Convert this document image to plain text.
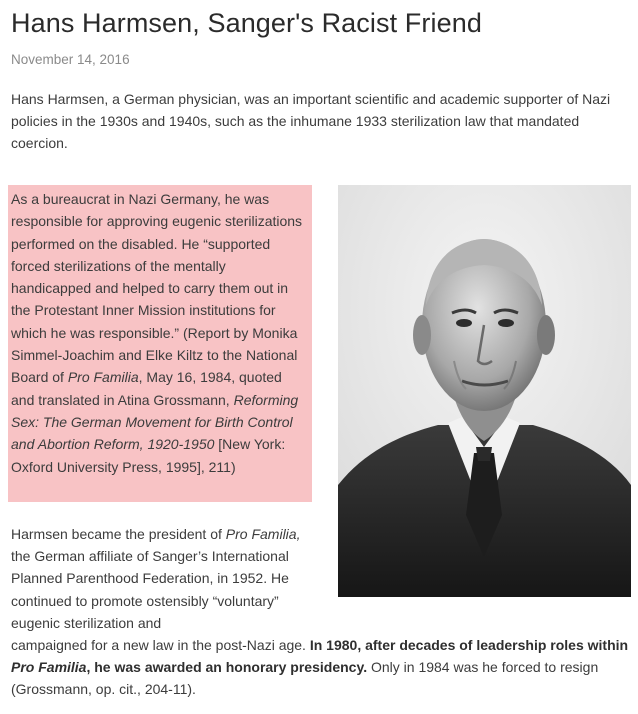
Hans Harmsen, Sanger's Racist Friend
November 14, 2016

Hans Harmsen, a German physician, was an important scientific and academic supporter of Nazi policies in the 1930s and 1940s, such as the inhumane 1933 sterilization law that mandated coercion.

As a bureaucrat in Nazi Germany, he was responsible for approving eugenic sterilizations performed on the disabled. He “supported forced sterilizations of the mentally handicapped and helped to carry them out in the Protestant Inner Mission institutions for which he was responsible.” (Report by Monika Simmel-Joachim and Elke Kiltz to the National Board of Pro Familia, May 16, 1984, quoted and translated in Atina Grossmann, Reforming Sex: The German Movement for Birth Control and Abortion Reform, 1920-1950 [New York: Oxford University Press, 1995], 211)

Harmsen became the president of Pro Familia, the German affiliate of Sanger’s International Planned Parenthood Federation, in 1952. He continued to promote ostensibly “voluntary” eugenic sterilization and

campaigned for a new law in the post-Nazi age. In 1980, after decades of leadership roles within Pro Familia, he was awarded an honorary presidency. Only in 1984 was he forced to resign (Grossmann, op. cit., 204-11).
